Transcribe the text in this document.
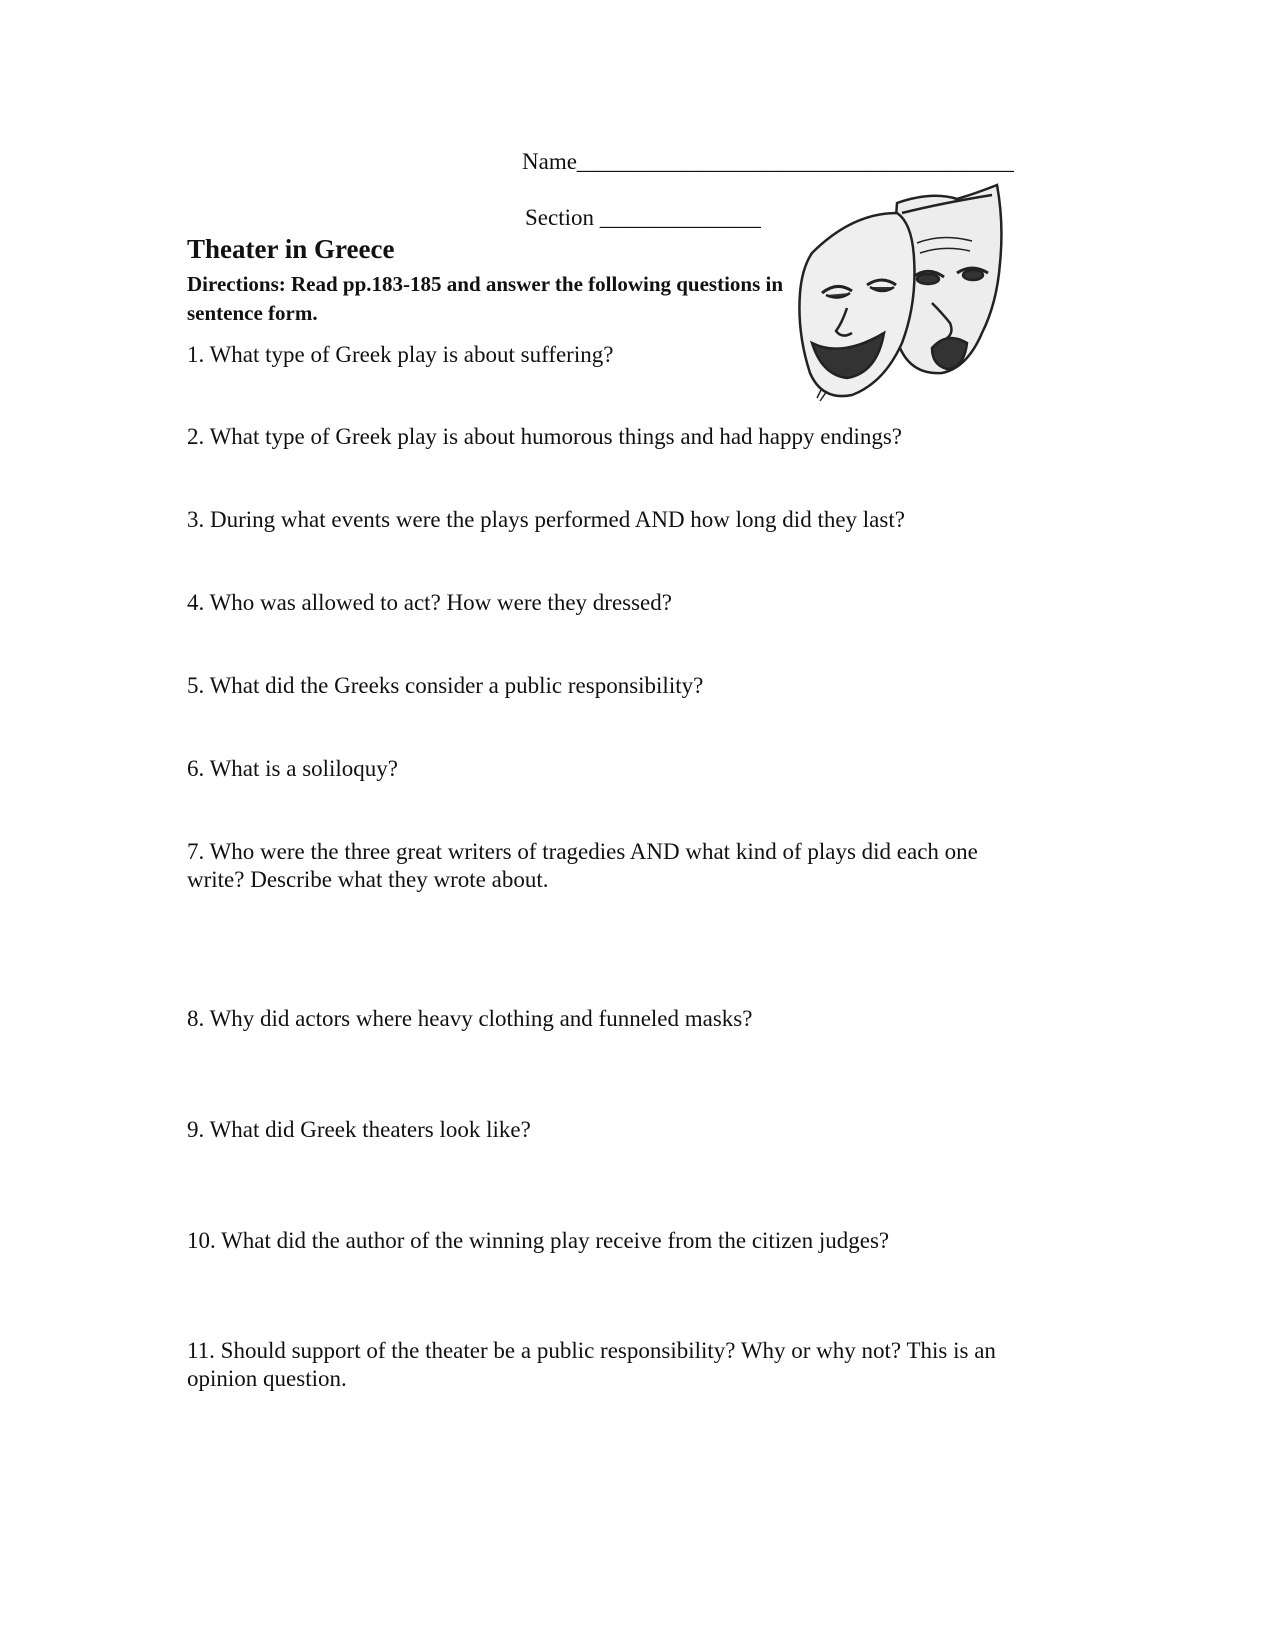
Name______________________________________
Section ______________
Theater in Greece
Directions: Read pp.183-185 and answer the following questions in sentence form.
1. What type of Greek play is about suffering?
2. What type of Greek play is about humorous things and had happy endings?
3. During what events were the plays performed AND how long did they last?
4. Who was allowed to act? How were they dressed?
5. What did the Greeks consider a public responsibility?
6. What is a soliloquy?
7. Who were the three great writers of tragedies AND what kind of plays did each one
write? Describe what they wrote about.
8. Why did actors where heavy clothing and funneled masks?
9. What did Greek theaters look like?
10. What did the author of the winning play receive from the citizen judges?
11. Should support of the theater be a public responsibility? Why or why not? This is an
opinion question.
